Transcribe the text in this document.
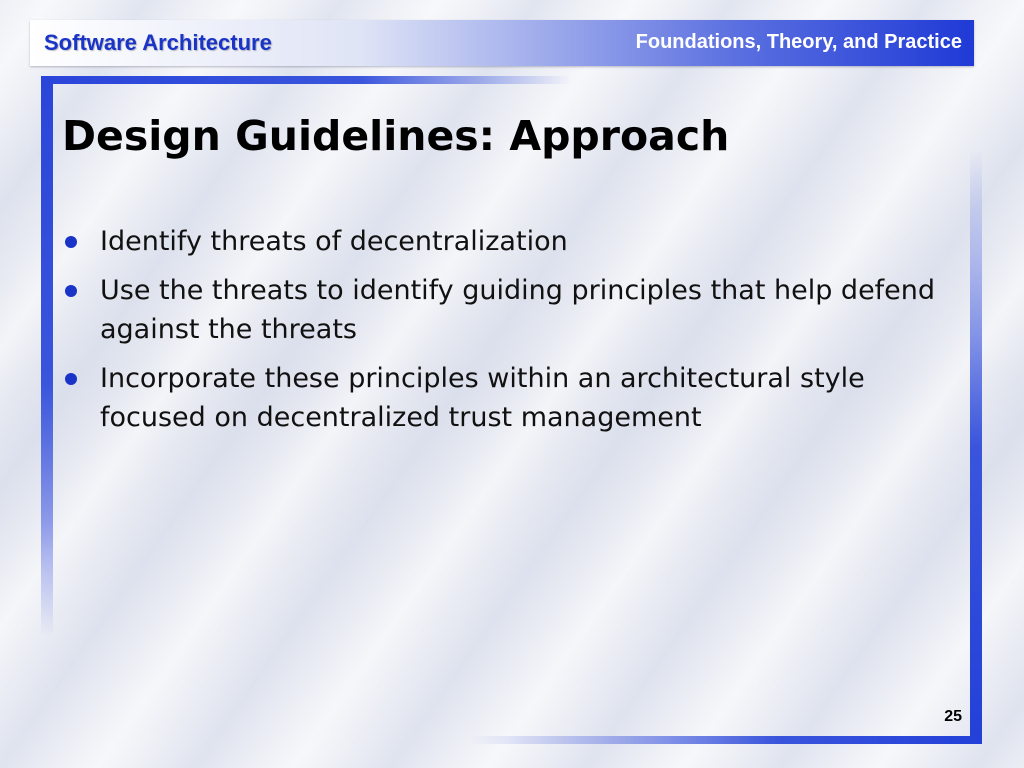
Software Architecture	Foundations, Theory, and Practice
Design Guidelines: Approach
Identify threats of decentralization
Use the threats to identify guiding principles that help defend against the threats
Incorporate these principles within an architectural style focused on decentralized trust management
25
